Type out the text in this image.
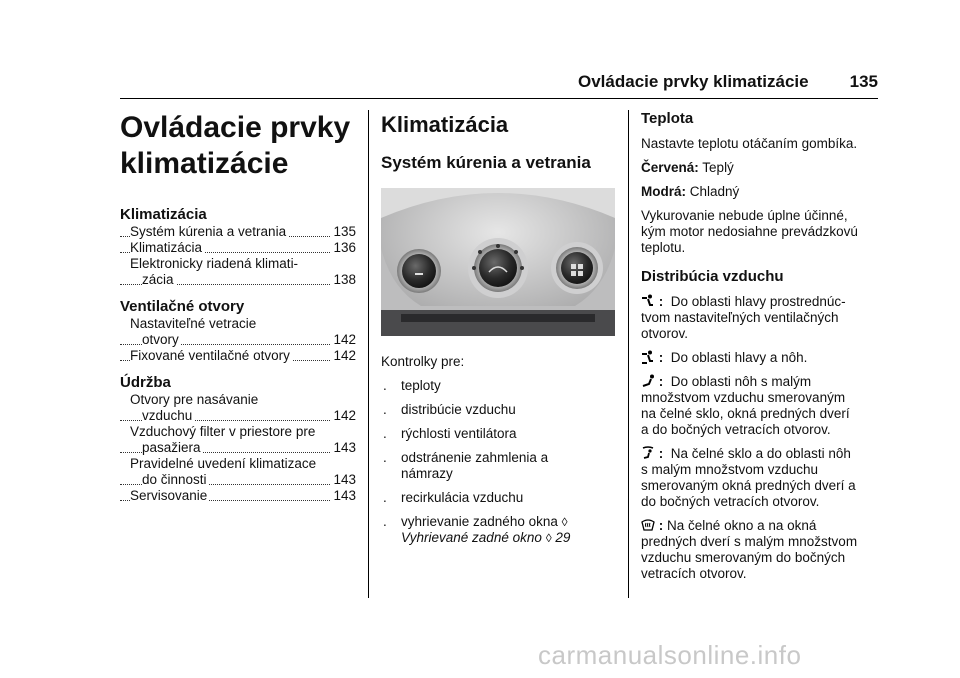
Ovládacie prvky klimatizácie 135
Ovládacie prvky
klimatizácie
Klimatizácia
Systém kúrenia a vetrania	135
Klimatizácia	136
Elektronicky riadená klimati-
zácia	138
Ventilačné otvory
Nastaviteľné vetracie
otvory	142
Fixované ventilačné otvory	142
Údržba
Otvory pre nasávanie
vzduchu	142
Vzduchový filter v priestore pre
pasažiera	143
Pravidelné uvedení klimatizace
do činnosti	143
Servisovanie	143
Klimatizácia
Systém kúrenia a vetrania

Kontrolky pre:

. teploty
. distribúcie vzduchu
. rýchlosti ventilátora
. odstránenie zahmlenia a
námrazy
. recirkulácia vzduchu
. vyhrievanie zadného okna ◊
Vyhrievané zadné okno ◊ 29
Teplota

Nastavte teplotu otáčaním gombíka.

Červená: Teplý

Modrá: Chladný

Vykurovanie nebude úplne účinné,
kým motor nedosiahne prevádzkovú
teplotu.

Distribúcia vzduchu

: Do oblasti hlavy prostrednúc-
tvom nastaviteľných ventilačných
otvorov.

: Do oblasti hlavy a nôh.

: Do oblasti nôh s malým
množstvom vzduchu smerovaným
na čelné sklo, okná predných dverí
a do bočných vetracích otvorov.

: Na čelné sklo a do oblasti nôh
s malým množstvom vzduchu
smerovaným okná predných dverí a
do bočných vetracích otvorov.

: Na čelné okno a na okná
predných dverí s malým množstvom
vzduchu smerovaným do bočných
vetracích otvorov.

carmanualsonline.info
